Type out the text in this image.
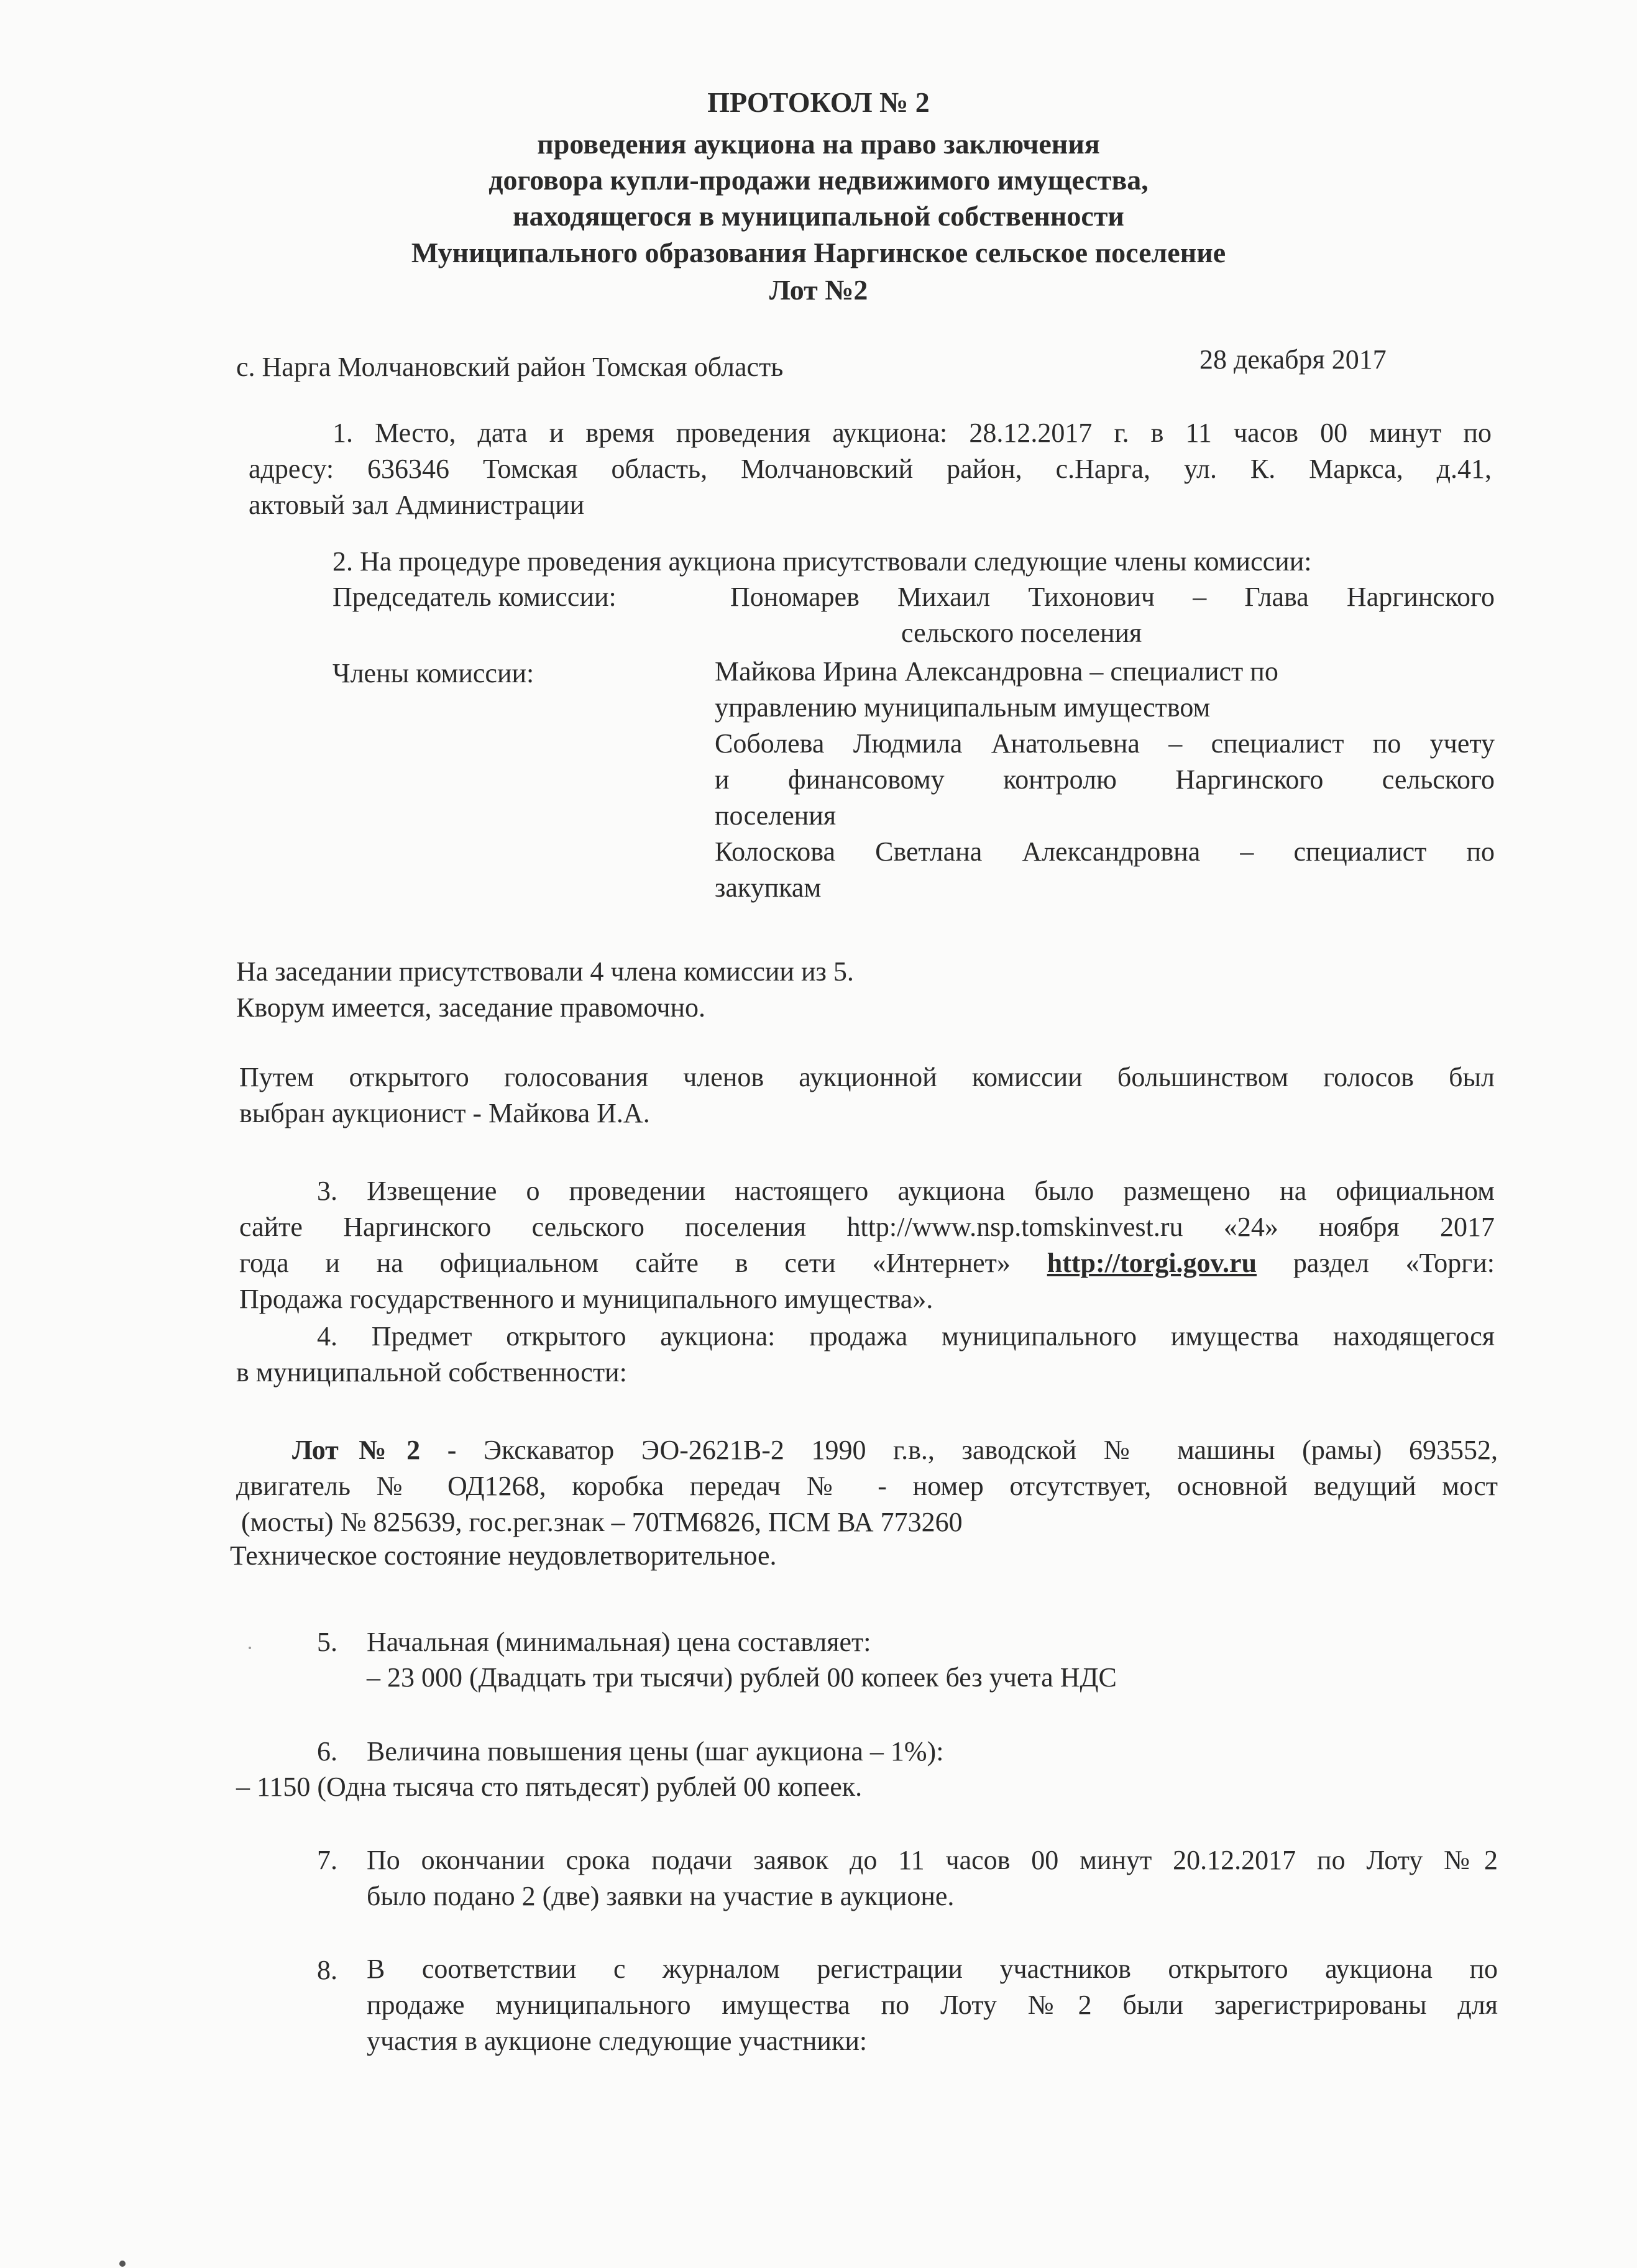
ПРОТОКОЛ № 2
проведения аукциона на право заключения
договора купли-продажи недвижимого имущества,
находящегося в муниципальной собственности
Муниципального образования Наргинское сельское поселение
Лот №2
с. Нарга Молчановский район Томская область	28 декабря 2017
1. Место, дата и время проведения аукциона: 28.12.2017 г. в 11 часов 00 минут по
адресу: 636346 Томская область, Молчановский район, с.Нарга, ул. К. Маркса, д.41,
актовый зал Администрации
2. На процедуре проведения аукциона присутствовали следующие члены комиссии:
Председатель комиссии:	Пономарев Михаил Тихонович – Глава Наргинского
сельского поселения
Члены комиссии:	Майкова Ирина Александровна – специалист по
управлению муниципальным имуществом
Соболева Людмила Анатольевна – специалист по учету
и финансовому контролю Наргинского сельского
поселения
Колоскова Светлана Александровна – специалист по
закупкам
На заседании присутствовали 4 члена комиссии из 5.
Кворум имеется, заседание правомочно.
Путем открытого голосования членов аукционной комиссии большинством голосов был
выбран аукционист - Майкова И.А.
3. Извещение о проведении настоящего аукциона было размещено на официальном
сайте Наргинского сельского поселения http://www.nsp.tomskinvest.ru «24» ноября 2017
года и на официальном сайте в сети «Интернет» http://torgi.gov.ru раздел «Торги:
Продажа государственного и муниципального имущества».
4. Предмет открытого аукциона: продажа муниципального имущества находящегося
в муниципальной собственности:
Лот№2 - Экскаватор ЭО-2621В-2 1990 г.в., заводской № машины (рамы) 693552,
двигатель № ОД1268, коробка передач № - номер отсутствует, основной ведущий мост
(мосты) № 825639, гос.рег.знак – 70ТМ6826, ПСМ ВА 773260
Техническое состояние неудовлетворительное.
5. Начальная (минимальная) цена составляет:
– 23 000 (Двадцать три тысячи) рублей 00 копеек без учета НДС
6. Величина повышения цены (шаг аукциона – 1%):
– 1150 (Одна тысяча сто пятьдесят) рублей 00 копеек.
7. По окончании срока подачи заявок до 11 часов 00 минут 20.12.2017 по Лоту №2
было подано 2 (две) заявки на участие в аукционе.
8. В соответствии с журналом регистрации участников открытого аукциона по
продаже муниципального имущества по Лоту №2 были зарегистрированы для
участия в аукционе следующие участники:
